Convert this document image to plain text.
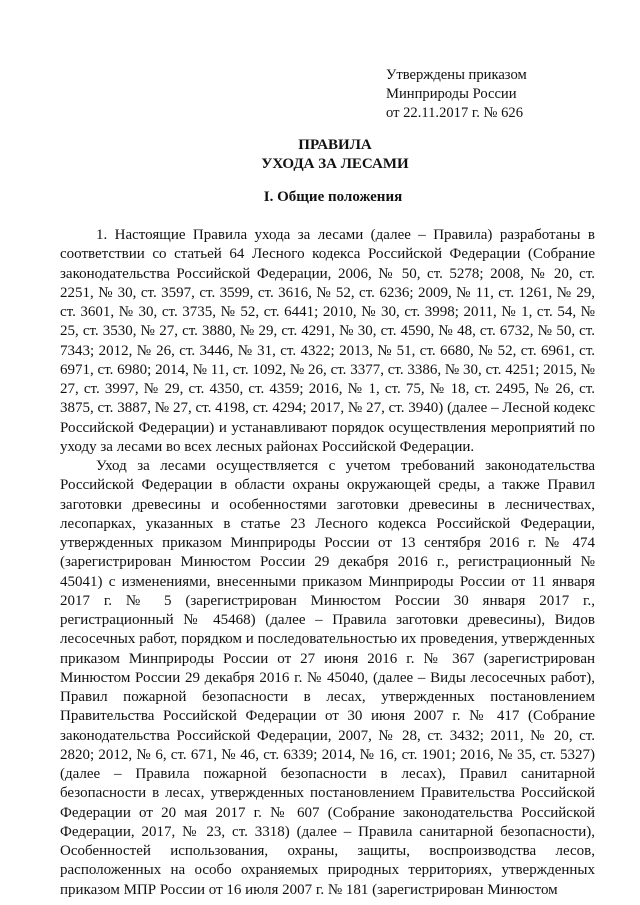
Утверждены приказом
Минприроды России
от 22.11.2017 г. № 626
ПРАВИЛА
УХОДА ЗА ЛЕСАМИ
I. Общие положения

1. Настоящие Правила ухода за лесами (далее – Правила) разработаны в соответствии со статьей 64 Лесного кодекса Российской Федерации (Собрание законодательства Российской Федерации, 2006, № 50, ст. 5278; 2008, № 20, ст. 2251, № 30, ст. 3597, ст. 3599, ст. 3616, № 52, ст. 6236; 2009, № 11, ст. 1261, № 29, ст. 3601, № 30, ст. 3735, № 52, ст. 6441; 2010, № 30, ст. 3998; 2011, № 1, ст. 54, № 25, ст. 3530, № 27, ст. 3880, № 29, ст. 4291, № 30, ст. 4590, № 48, ст. 6732, № 50, ст. 7343; 2012, № 26, ст. 3446, № 31, ст. 4322; 2013, № 51, ст. 6680, № 52, ст. 6961, ст. 6971, ст. 6980; 2014, № 11, ст. 1092, № 26, ст. 3377, ст. 3386, № 30, ст. 4251; 2015, № 27, ст. 3997, № 29, ст. 4350, ст. 4359; 2016, № 1, ст. 75, № 18, ст. 2495, № 26, ст. 3875, ст. 3887, № 27, ст. 4198, ст. 4294; 2017, № 27, ст. 3940) (далее – Лесной кодекс Российской Федерации) и устанавливают порядок осуществления мероприятий по уходу за лесами во всех лесных районах Российской Федерации.

Уход за лесами осуществляется с учетом требований законодательства Российской Федерации в области охраны окружающей среды, а также Правил заготовки древесины и особенностями заготовки древесины в лесничествах, лесопарках, указанных в статье 23 Лесного кодекса Российской Федерации, утвержденных приказом Минприроды России от 13 сентября 2016 г. № 474 (зарегистрирован Минюстом России 29 декабря 2016 г., регистрационный № 45041) с изменениями, внесенными приказом Минприроды России от 11 января 2017 г. № 5 (зарегистрирован Минюстом России 30 января 2017 г., регистрационный № 45468) (далее – Правила заготовки древесины), Видов лесосечных работ, порядком и последовательностью их проведения, утвержденных приказом Минприроды России от 27 июня 2016 г. № 367 (зарегистрирован Минюстом России 29 декабря 2016 г. № 45040, (далее – Виды лесосечных работ), Правил пожарной безопасности в лесах, утвержденных постановлением Правительства Российской Федерации от 30 июня 2007 г. № 417 (Собрание законодательства Российской Федерации, 2007, № 28, ст. 3432; 2011, № 20, ст. 2820; 2012, № 6, ст. 671, № 46, ст. 6339; 2014, № 16, ст. 1901; 2016, № 35, ст. 5327) (далее – Правила пожарной безопасности в лесах), Правил санитарной безопасности в лесах, утвержденных постановлением Правительства Российской Федерации от 20 мая 2017 г. № 607 (Собрание законодательства Российской Федерации, 2017, № 23, ст. 3318) (далее – Правила санитарной безопасности), Особенностей использования, охраны, защиты, воспроизводства лесов, расположенных на особо охраняемых природных территориях, утвержденных приказом МПР России от 16 июля 2007 г. № 181 (зарегистрирован Минюстом
